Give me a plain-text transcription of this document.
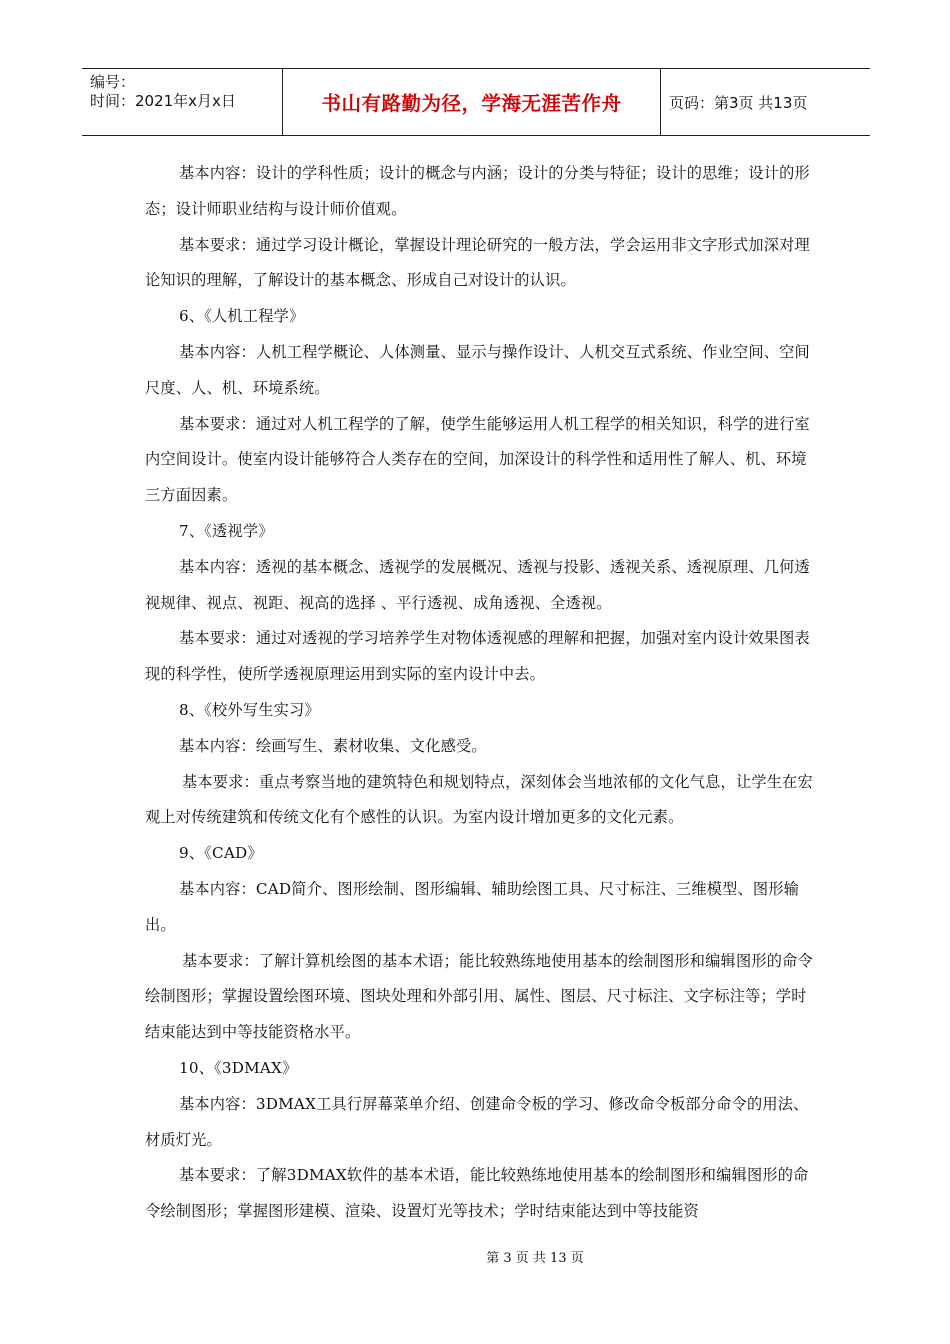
编号：
时间：2021年x月x日	书山有路勤为径，学海无涯苦作舟	页码：第3页 共13页

基本内容：设计的学科性质；设计的概念与内涵；设计的分类与特征；设计的思维；设计的形态；设计师职业结构与设计师价值观。

基本要求：通过学习设计概论，掌握设计理论研究的一般方法，学会运用非文字形式加深对理论知识的理解，了解设计的基本概念、形成自己对设计的认识。

6、《人机工程学》

基本内容：人机工程学概论、人体测量、显示与操作设计、人机交互式系统、作业空间、空间尺度、人、机、环境系统。

基本要求：通过对人机工程学的了解，使学生能够运用人机工程学的相关知识，科学的进行室内空间设计。使室内设计能够符合人类存在的空间，加深设计的科学性和适用性了解人、机、环境三方面因素。

7、《透视学》

基本内容：透视的基本概念、透视学的发展概况、透视与投影、透视关系、透视原理、几何透视规律、视点、视距、视高的选择 、平行透视、成角透视、全透视。

基本要求：通过对透视的学习培养学生对物体透视感的理解和把握，加强对室内设计效果图表现的科学性，使所学透视原理运用到实际的室内设计中去。

8、《校外写生实习》

基本内容：绘画写生、素材收集、文化感受。

基本要求：重点考察当地的建筑特色和规划特点，深刻体会当地浓郁的文化气息，让学生在宏观上对传统建筑和传统文化有个感性的认识。为室内设计增加更多的文化元素。

9、《CAD》

基本内容：CAD简介、图形绘制、图形编辑、辅助绘图工具、尺寸标注、三维模型、图形输出。

基本要求：了解计算机绘图的基本术语；能比较熟练地使用基本的绘制图形和编辑图形的命令绘制图形；掌握设置绘图环境、图块处理和外部引用、属性、图层、尺寸标注、文字标注等；学时结束能达到中等技能资格水平。

10、《3DMAX》

基本内容：3DMAX工具行屏幕菜单介绍、创建命令板的学习、修改命令板部分命令的用法、材质灯光。

基本要求：了解3DMAX软件的基本术语，能比较熟练地使用基本的绘制图形和编辑图形的命令绘制图形；掌握图形建模、渲染、设置灯光等技术；学时结束能达到中等技能资

第 3 页 共 13 页
